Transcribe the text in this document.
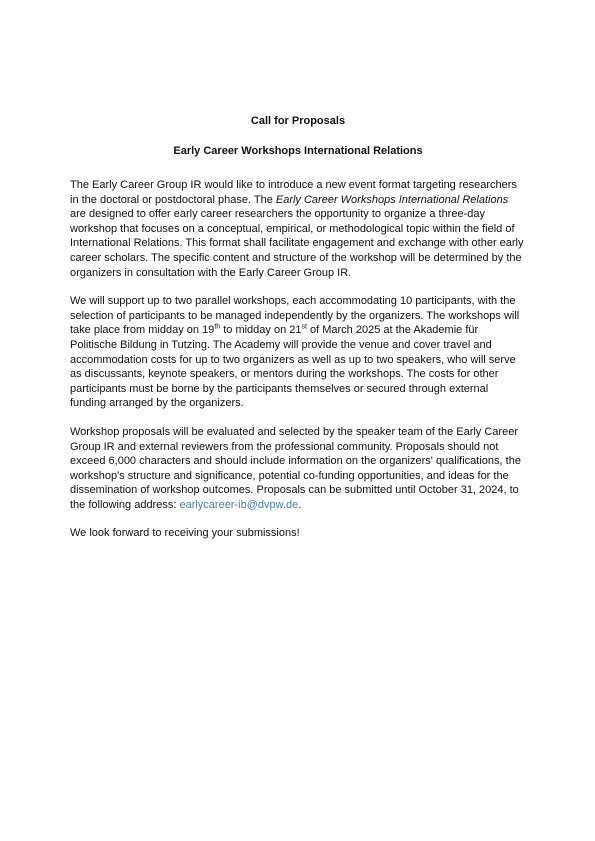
Call for Proposals

Early Career Workshops International Relations

The Early Career Group IR would like to introduce a new event format targeting researchers in the doctoral or postdoctoral phase. The Early Career Workshops International Relations are designed to offer early career researchers the opportunity to organize a three-day workshop that focuses on a conceptual, empirical, or methodological topic within the field of International Relations. This format shall facilitate engagement and exchange with other early career scholars. The specific content and structure of the workshop will be determined by the organizers in consultation with the Early Career Group IR.

We will support up to two parallel workshops, each accommodating 10 participants, with the selection of participants to be managed independently by the organizers. The workshops will take place from midday on 19th to midday on 21st of March 2025 at the Akademie für Politische Bildung in Tutzing. The Academy will provide the venue and cover travel and accommodation costs for up to two organizers as well as up to two speakers, who will serve as discussants, keynote speakers, or mentors during the workshops. The costs for other participants must be borne by the participants themselves or secured through external funding arranged by the organizers.

Workshop proposals will be evaluated and selected by the speaker team of the Early Career Group IR and external reviewers from the professional community. Proposals should not exceed 6,000 characters and should include information on the organizers' qualifications, the workshop's structure and significance, potential co-funding opportunities, and ideas for the dissemination of workshop outcomes. Proposals can be submitted until October 31, 2024, to the following address: earlycareer-ib@dvpw.de.

We look forward to receiving your submissions!
